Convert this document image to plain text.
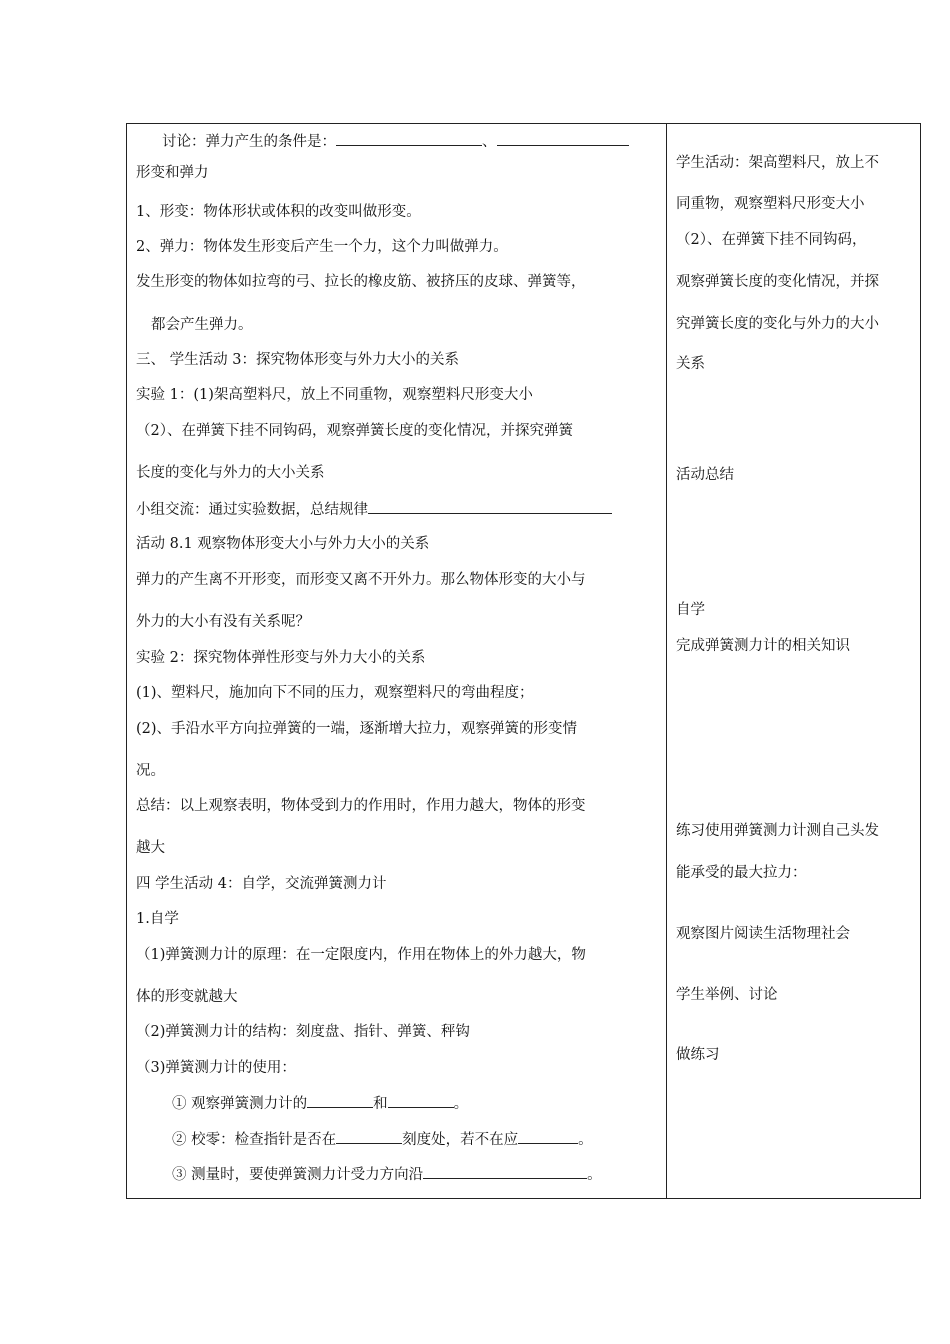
讨论：弹力产生的条件是：	、
形变和弹力
1、形变：物体形状或体积的改变叫做形变。
2、弹力：物体发生形变后产生一个力，这个力叫做弹力。
发生形变的物体如拉弯的弓、拉长的橡皮筋、被挤压的皮球、弹簧等，
都会产生弹力。
三、 学生活动 3：探究物体形变与外力大小的关系
实验 1：(1)架高塑料尺，放上不同重物，观察塑料尺形变大小
（2）、在弹簧下挂不同钩码，观察弹簧长度的变化情况，并探究弹簧
长度的变化与外力的大小关系
小组交流：通过实验数据，总结规律
活动 8.1 观察物体形变大小与外力大小的关系
弹力的产生离不开形变，而形变又离不开外力。那么物体形变的大小与
外力的大小有没有关系呢？
实验 2：探究物体弹性形变与外力大小的关系
(1)、塑料尺，施加向下不同的压力，观察塑料尺的弯曲程度；
(2)、手沿水平方向拉弹簧的一端，逐渐增大拉力，观察弹簧的形变情
况。
总结：以上观察表明，物体受到力的作用时，作用力越大，物体的形变
越大
四 学生活动 4：自学，交流弹簧测力计
1.自学
（1)弹簧测力计的原理：在一定限度内，作用在物体上的外力越大，物
体的形变就越大
（2)弹簧测力计的结构：刻度盘、指针、弹簧、秤钩
（3)弹簧测力计的使用：
① 观察弹簧测力计的	和	。
② 校零：检查指针是否在	刻度处，若不在应	。
③ 测量时，要使弹簧测力计受力方向沿	。
学生活动：架高塑料尺，放上不
同重物，观察塑料尺形变大小
（2）、在弹簧下挂不同钩码，
观察弹簧长度的变化情况，并探
究弹簧长度的变化与外力的大小
关系
活动总结
自学
完成弹簧测力计的相关知识
练习使用弹簧测力计测自己头发
能承受的最大拉力：
观察图片阅读生活物理社会
学生举例、讨论
做练习
